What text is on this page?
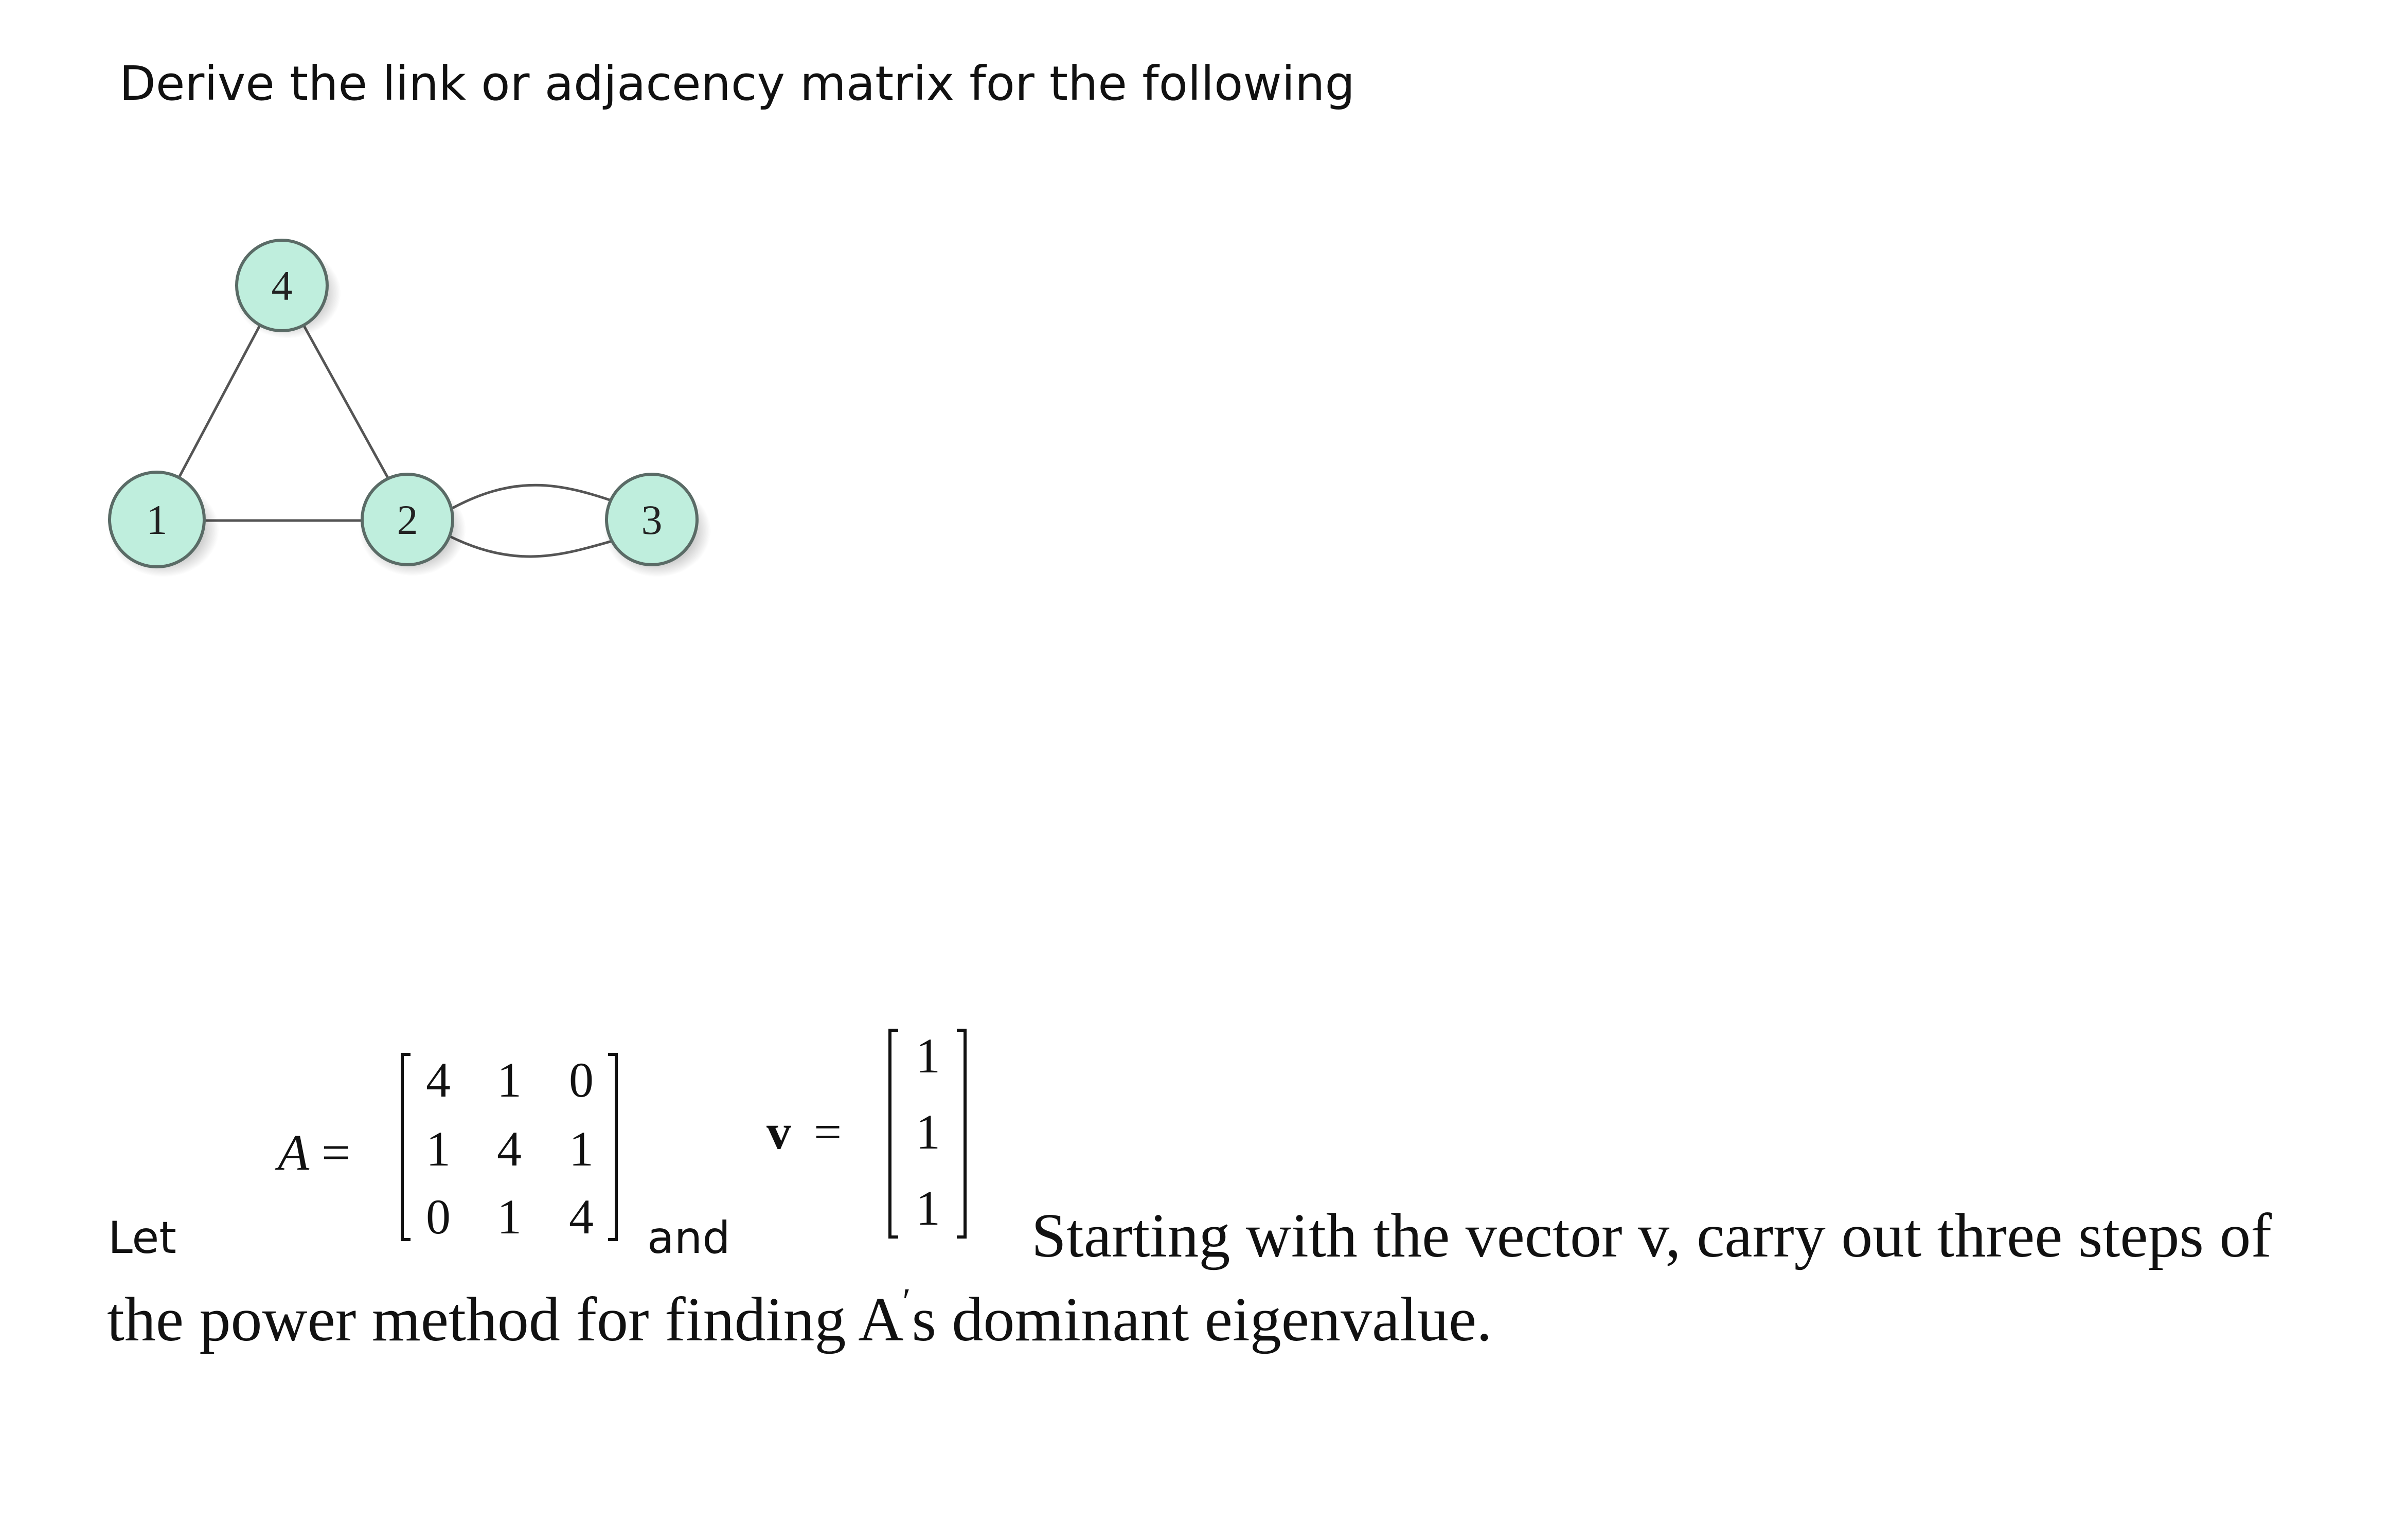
Derive the link or adjacency matrix for the following
1
4
2	3
Let
A =
4 1 0
1 4 1
0 1 4 and
v =
1
1
1 Starting with the vector v, carry out three steps of
the power method for finding A′s dominant eigenvalue.
